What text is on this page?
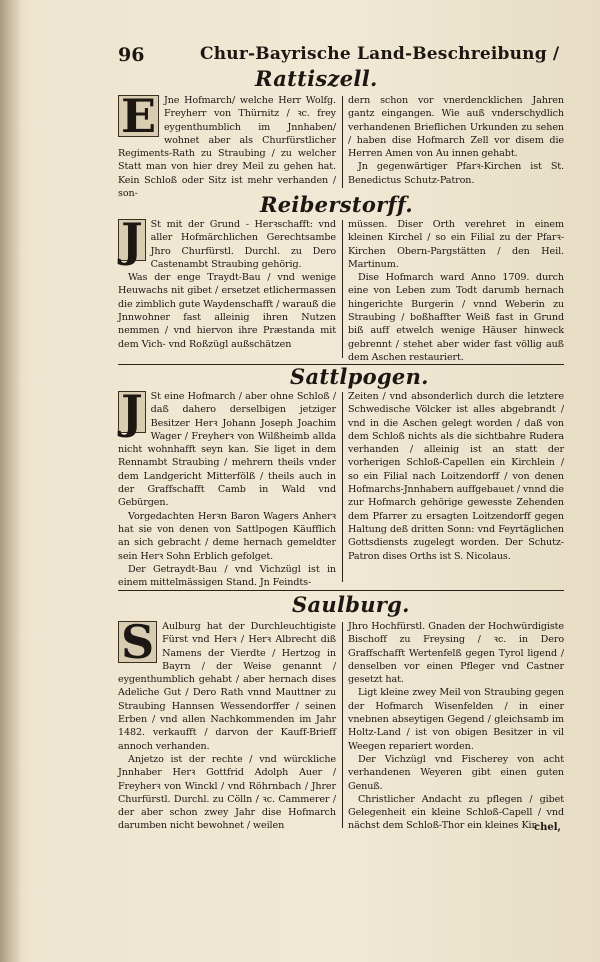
96	Chur-Bayrische Land-Beschreibung /
Rattiszell.

E Jne Hofmarch/ welche Herr Wolfg. Freyherr von Thürnitz / ꝛc. frey eygenthumblich im Jnnhaben/ wohnet aber als Churfürstlicher Regiments-Rath zu Straubing / zu welcher Statt man von hier drey Meil zu gehen hat. Kein Schloß oder Sitz ist mehr verhanden / son-

dern schon vor vnerdencklichen Jahren gantz eingangen. Wie auß vnderschydlich verhandenen Brieflichen Urkunden zu sehen / haben dise Hofmarch Zell vor disem die Herren Amen von Au innen gehabt.

Jn gegenwärtiger Pfarꝛ-Kirchen ist St. Benedictus Schutz-Patron.

Reiberstorff.

J St mit der Grund - Herꝛschafft: vnd aller Hofmärchlichen Gerechtsambe Jhro Churfürstl. Durchl. zu Dero Castenambt Straubing gehörig.

Was der enge Traydt-Bau / vnd wenige Heuwachs nit gibet / ersetzet etlichermassen die zimblich gute Waydenschafft / warauß die Jnnwohner fast alleinig ihren Nutzen nemmen / vnd hiervon ihre Præstanda mit dem Vich- vnd Roßzügl außschätzen

müssen. Diser Orth verehret in einem kleinen Kirchel / so ein Filial zu der Pfarꝛ-Kirchen Obern-Pargstätten / den Heil. Martinum.

Dise Hofmarch ward Anno 1709. durch eine von Leben zum Todt darumb hernach hingerichte Burgerin / vnnd Weberin zu Straubing / boßhaffter Weiß fast in Grund biß auff etwelch wenige Häuser hinweck gebrennt / stehet aber wider fast völlig auß dem Aschen restauriert.

Sattlpogen.

J St eine Hofmarch / aber ohne Schloß / daß dahero derselbigen jetziger Besitzer Herꝛ Johann Joseph Joachim Wager / Freyherꝛ von Wilßheimb allda nicht wohnhafft seyn kan. Sie liget in dem Rennambt Straubing / mehrern theils vnder dem Landgericht Mitterfölß / theils auch in der Graffschafft Camb in Wald vnd Gebürgen.

Vorgedachten Herꝛn Baron Wagers Anherꝛ hat sie von denen von Sattlpogen Käufflich an sich gebracht / deme hernach gemeldter sein Herꝛ Sohn Erblich gefolget.

Der Getraydt-Bau / vnd Vichzügl ist in einem mittelmässigen Stand. Jn Feindts-

Zeiten / vnd absonderlich durch die letztere Schwedische Völcker ist alles abgebrandt / vnd in die Aschen gelegt worden / daß von dem Schloß nichts als die sichtbahre Rudera verhanden / alleinig ist an statt der vorherigen Schloß-Capellen ein Kirchlein / so ein Filial nach Loitzendorff / von denen Hofmarchs-Jnnhabern auffgebauet / vnnd die zur Hofmarch gehörige gewesste Zehenden dem Pfarrer zu ersagten Loitzendorff gegen Haltung deß dritten Sonn: vnd Feyrtäglichen Gottsdiensts zugelegt worden. Der Schutz-Patron dises Orths ist S. Nicolaus.

Saulburg.

S Aulburg hat der Durchleuchtigiste Fürst vnd Herꝛ / Herꝛ Albrecht diß Namens der Vierdte / Hertzog in Bayrn / der Weise genannt / eygenthumblich gehabt / aber hernach dises Adeliche Gut / Dero Rath vnnd Mauttner zu Straubing Hannsen Wessendorffer / seinen Erben / vnd allen Nachkommenden im Jahr 1482. verkaufft / darvon der Kauff-Brieff annoch verhanden.

Anjetzo ist der rechte / vnd würckliche Jnnhaber Herꝛ Gottfrid Adolph Auer / Freyherꝛ von Winckl / vnd Röhrnbach / Jhrer Churfürstl. Durchl. zu Cölln / ꝛc. Cammerer / der aber schon zwey Jahr dise Hofmarch darumben nicht bewohnet / weilen

Jhro Hochfürstl. Gnaden der Hochwürdigiste Bischoff zu Freysing / ꝛc. in Dero Graffschafft Wertenfelß gegen Tyrol ligend / denselben vor einen Pfleger vnd Castner gesetzt hat.

Ligt kleine zwey Meil von Straubing gegen der Hofmarch Wisenfelden / in einer vnebnen abseytigen Gegend / gleichsamb im Holtz-Land / ist von obigen Besitzer in vil Weegen repariert worden.

Der Vichzügl vnd Fischerey von acht verhandenen Weyeren gibt einen guten Genuß.

Christlicher Andacht zu pflegen / gibet Gelegenheit ein kleine Schloß-Capell / vnd nächst dem Schloß-Thor ein kleines Kir-

chel,
